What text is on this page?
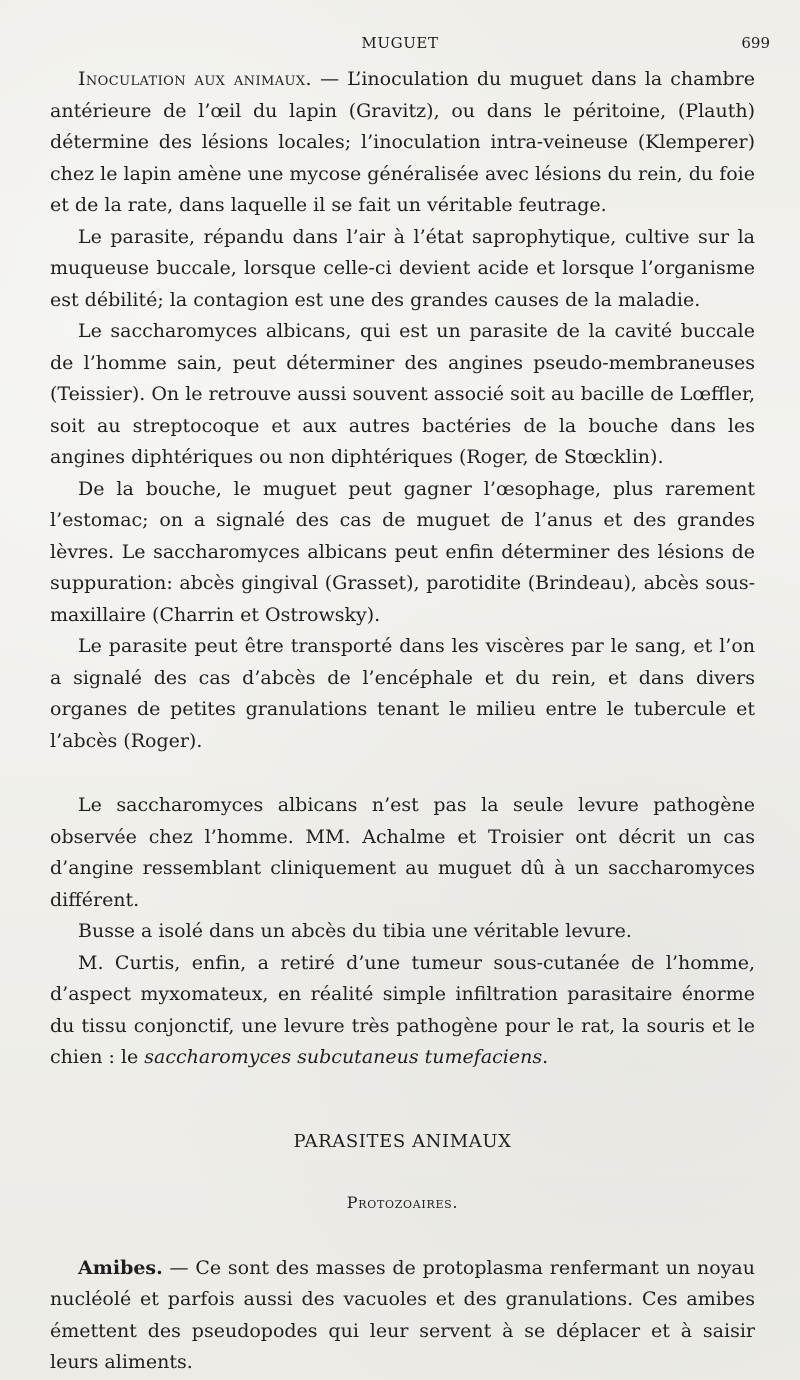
MUGUET	699

Inoculation aux animaux. — L’inoculation du muguet dans la chambre antérieure de l’œil du lapin (Gravitz), ou dans le péritoine, (Plauth) détermine des lésions locales; l’inoculation intra-veineuse (Klemperer) chez le lapin amène une mycose généralisée avec lésions du rein, du foie et de la rate, dans laquelle il se fait un véritable feutrage.

Le parasite, répandu dans l’air à l’état saprophytique, cultive sur la muqueuse buccale, lorsque celle-ci devient acide et lorsque l’organisme est débilité; la contagion est une des grandes causes de la maladie.

Le saccharomyces albicans, qui est un parasite de la cavité buccale de l’homme sain, peut déterminer des angines pseudo-membraneuses (Teissier). On le retrouve aussi souvent associé soit au bacille de Lœffler, soit au streptocoque et aux autres bactéries de la bouche dans les angines diphtériques ou non diphtériques (Roger, de Stœcklin).

De la bouche, le muguet peut gagner l’œsophage, plus rarement l’estomac; on a signalé des cas de muguet de l’anus et des grandes lèvres. Le saccharomyces albicans peut enfin déterminer des lésions de suppuration: abcès gingival (Grasset), parotidite (Brindeau), abcès sous-maxillaire (Charrin et Ostrowsky).

Le parasite peut être transporté dans les viscères par le sang, et l’on a signalé des cas d’abcès de l’encéphale et du rein, et dans divers organes de petites granulations tenant le milieu entre le tubercule et l’abcès (Roger).

Le saccharomyces albicans n’est pas la seule levure pathogène observée chez l’homme. MM. Achalme et Troisier ont décrit un cas d’angine ressemblant cliniquement au muguet dû à un saccharomyces différent.

Busse a isolé dans un abcès du tibia une véritable levure.

M. Curtis, enfin, a retiré d’une tumeur sous-cutanée de l’homme, d’aspect myxomateux, en réalité simple infiltration parasitaire énorme du tissu conjonctif, une levure très pathogène pour le rat, la souris et le chien : le saccharomyces subcutaneus tumefaciens.

PARASITES ANIMAUX
Protozoaires.

Amibes. — Ce sont des masses de protoplasma renfermant un noyau nucléolé et parfois aussi des vacuoles et des granulations. Ces amibes émettent des pseudopodes qui leur servent à se déplacer et à saisir leurs aliments.
